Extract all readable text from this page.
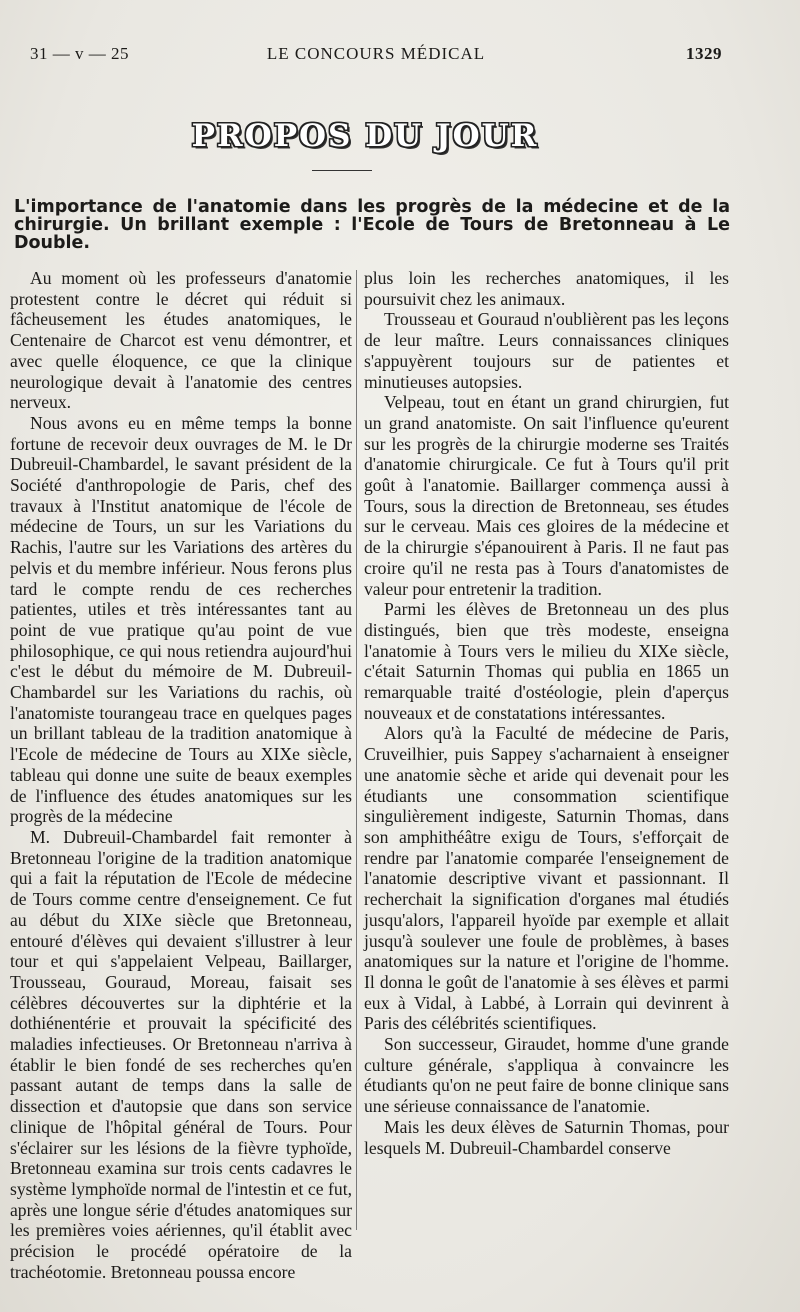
31 — v — 25	LE CONCOURS MÉDICAL	1329
PROPOS DU JOUR
L'importance de l'anatomie dans les progrès de la médecine et de la chirurgie. Un brillant exemple : l'Ecole de Tours de Bretonneau à Le Double.

Au moment où les professeurs d'anatomie protestent contre le décret qui réduit si fâcheusement les études anatomiques, le Centenaire de Charcot est venu démontrer, et avec quelle éloquence, ce que la clinique neurologique devait à l'anatomie des centres nerveux.

Nous avons eu en même temps la bonne fortune de recevoir deux ouvrages de M. le Dr Dubreuil-Chambardel, le savant président de la Société d'anthropologie de Paris, chef des travaux à l'Institut anatomique de l'école de médecine de Tours, un sur les Variations du Rachis, l'autre sur les Variations des artères du pelvis et du membre inférieur. Nous ferons plus tard le compte rendu de ces recherches patientes, utiles et très intéressantes tant au point de vue pratique qu'au point de vue philosophique, ce qui nous retiendra aujourd'hui c'est le début du mémoire de M. Dubreuil-Chambardel sur les Variations du rachis, où l'anatomiste tourangeau trace en quelques pages un brillant tableau de la tradition anatomique à l'Ecole de médecine de Tours au XIXe siècle, tableau qui donne une suite de beaux exemples de l'influence des études anatomiques sur les progrès de la médecine

M. Dubreuil-Chambardel fait remonter à Bretonneau l'origine de la tradition anatomique qui a fait la réputation de l'Ecole de médecine de Tours comme centre d'enseignement. Ce fut au début du XIXe siècle que Bretonneau, entouré d'élèves qui devaient s'illustrer à leur tour et qui s'appelaient Velpeau, Baillarger, Trousseau, Gouraud, Moreau, faisait ses célèbres découvertes sur la diphtérie et la dothiénentérie et prouvait la spécificité des maladies infectieuses. Or Bretonneau n'arriva à établir le bien fondé de ses recherches qu'en passant autant de temps dans la salle de dissection et d'autopsie que dans son service clinique de l'hôpital général de Tours. Pour s'éclairer sur les lésions de la fièvre typhoïde, Bretonneau examina sur trois cents cadavres le système lymphoïde normal de l'intestin et ce fut, après une longue série d'études anatomiques sur les premières voies aériennes, qu'il établit avec précision le procédé opératoire de la trachéotomie. Bretonneau poussa encore

plus loin les recherches anatomiques, il les poursuivit chez les animaux.

Trousseau et Gouraud n'oublièrent pas les leçons de leur maître. Leurs connaissances cliniques s'appuyèrent toujours sur de patientes et minutieuses autopsies.

Velpeau, tout en étant un grand chirurgien, fut un grand anatomiste. On sait l'influence qu'eurent sur les progrès de la chirurgie moderne ses Traités d'anatomie chirurgicale. Ce fut à Tours qu'il prit goût à l'anatomie. Baillarger commença aussi à Tours, sous la direction de Bretonneau, ses études sur le cerveau. Mais ces gloires de la médecine et de la chirurgie s'épanouirent à Paris. Il ne faut pas croire qu'il ne resta pas à Tours d'anatomistes de valeur pour entretenir la tradition.

Parmi les élèves de Bretonneau un des plus distingués, bien que très modeste, enseigna l'anatomie à Tours vers le milieu du XIXe siècle, c'était Saturnin Thomas qui publia en 1865 un remarquable traité d'ostéologie, plein d'aperçus nouveaux et de constatations intéressantes.

Alors qu'à la Faculté de médecine de Paris, Cruveilhier, puis Sappey s'acharnaient à enseigner une anatomie sèche et aride qui devenait pour les étudiants une consommation scientifique singulièrement indigeste, Saturnin Thomas, dans son amphithéâtre exigu de Tours, s'efforçait de rendre par l'anatomie comparée l'enseignement de l'anatomie descriptive vivant et passionnant. Il recherchait la signification d'organes mal étudiés jusqu'alors, l'appareil hyoïde par exemple et allait jusqu'à soulever une foule de problèmes, à bases anatomiques sur la nature et l'origine de l'homme. Il donna le goût de l'anatomie à ses élèves et parmi eux à Vidal, à Labbé, à Lorrain qui devinrent à Paris des célébrités scientifiques.

Son successeur, Giraudet, homme d'une grande culture générale, s'appliqua à convaincre les étudiants qu'on ne peut faire de bonne clinique sans une sérieuse connaissance de l'anatomie.

Mais les deux élèves de Saturnin Thomas, pour lesquels M. Dubreuil-Chambardel conserve
